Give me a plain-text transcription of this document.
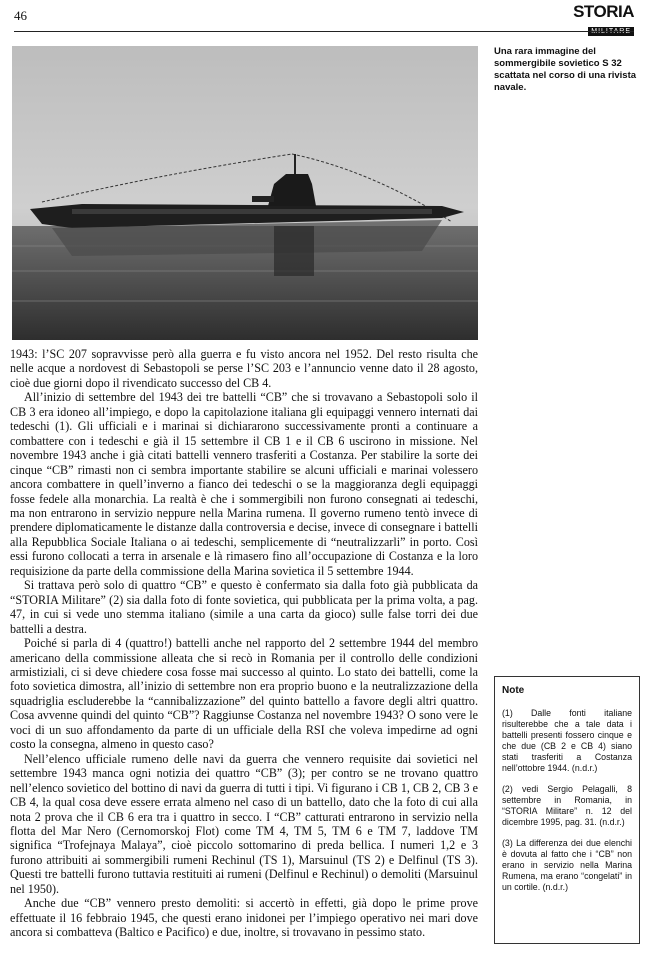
46	STORIA
Una rara immagine del sommergibile sovietico S 32 scattata nel corso di una rivista navale.

1943: l’SC 207 sopravvisse però alla guerra e fu visto ancora nel 1952. Del resto risulta che nelle acque a nordovest di Sebastopoli se perse l’SC 203 e l’annuncio venne dato il 28 agosto, cioè due giorni dopo il rivendicato successo del CB 4.

All’inizio di settembre del 1943 dei tre battelli “CB” che si trovavano a Sebastopoli solo il CB 3 era idoneo all’impiego, e dopo la capitolazione italiana gli equipaggi vennero internati dai tedeschi (1). Gli ufficiali e i marinai si dichiararono successivamente pronti a continuare a combattere con i tedeschi e già il 15 settembre il CB 1 e il CB 6 uscirono in missione. Nel novembre 1943 anche i già citati battelli vennero trasferiti a Costanza. Per stabilire la sorte dei cinque “CB” rimasti non ci sembra importante stabilire se alcuni ufficiali e marinai volessero ancora combattere in quell’inverno a fianco dei tedeschi o se la maggioranza degli equipaggi fosse fedele alla monarchia. La realtà è che i sommergibili non furono consegnati ai tedeschi, ma non entrarono in servizio neppure nella Marina rumena. Il governo rumeno tentò invece di prendere diplomaticamente le distanze dalla controversia e decise, invece di consegnare i battelli alla Repubblica Sociale Italiana o ai tedeschi, semplicemente di “neutralizzarli” in porto. Così essi furono collocati a terra in arsenale e là rimasero fino all’occupazione di Costanza e la loro requisizione da parte della commissione della Marina sovietica il 5 settembre 1944.

Si trattava però solo di quattro “CB” e questo è confermato sia dalla foto già pubblicata da “STORIA Militare” (2) sia dalla foto di fonte sovietica, qui pubblicata per la prima volta, a pag. 47, in cui si vede uno stemma italiano (simile a una carta da gioco) sulle false torri dei due battelli a destra.

Poiché si parla di 4 (quattro!) battelli anche nel rapporto del 2 settembre 1944 del membro americano della commissione alleata che si recò in Romania per il controllo delle condizioni armistiziali, ci si deve chiedere cosa fosse mai successo al quinto. Lo stato dei battelli, come la foto sovietica dimostra, all’inizio di settembre non era proprio buono e la neutralizzazione della squadriglia escluderebbe la “cannibalizzazione” del quinto battello a favore degli altri quattro. Cosa avvenne quindi del quinto “CB”? Raggiunse Costanza nel novembre 1943? O sono vere le voci di un suo affondamento da parte di un ufficiale della RSI che voleva impedirne ad ogni costo la consegna, almeno in questo caso?

Nell’elenco ufficiale rumeno delle navi da guerra che vennero requisite dai sovietici nel settembre 1943 manca ogni notizia dei quattro “CB” (3); per contro se ne trovano quattro nell’elenco sovietico del bottino di navi da guerra di tutti i tipi. Vi figurano i CB 1, CB 2, CB 3 e CB 4, la qual cosa deve essere errata almeno nel caso di un battello, dato che la foto di cui alla nota 2 prova che il CB 6 era tra i quattro in secco. I “CB” catturati entrarono in servizio nella flotta del Mar Nero (Cernomorskoj Flot) come TM 4, TM 5, TM 6 e TM 7, laddove TM significa “Trofejnaya Malaya”, cioè piccolo sottomarino di preda bellica. I numeri 1,2 e 3 furono attribuiti ai sommergibili rumeni Rechinul (TS 1), Marsuinul (TS 2) e Delfinul (TS 3). Questi tre battelli furono tuttavia restituiti ai rumeni (Delfinul e Rechinul) o demoliti (Marsuinul nel 1950).

Anche due “CB” vennero presto demoliti: si accertò in effetti, già dopo le prime prove effettuate il 16 febbraio 1945, che questi erano inidonei per l’impiego operativo nei mari dove ancora si combatteva (Baltico e Pacifico) e due, inoltre, si trovavano in pessimo stato.

Note

(1) Dalle fonti italiane risulterebbe che a tale data i battelli presenti fossero cinque e che due (CB 2 e CB 4) siano stati trasferiti a Costanza nell’ottobre 1944. (n.d.r.)

(2) vedi Sergio Pelagalli, 8 settembre in Romania, in “STORIA Militare” n. 12 del dicembre 1995, pag. 31. (n.d.r.)

(3) La differenza dei due elenchi è dovuta al fatto che i “CB” non erano in servizio nella Marina Rumena, ma erano “congelati” in un cortile. (n.d.r.)
